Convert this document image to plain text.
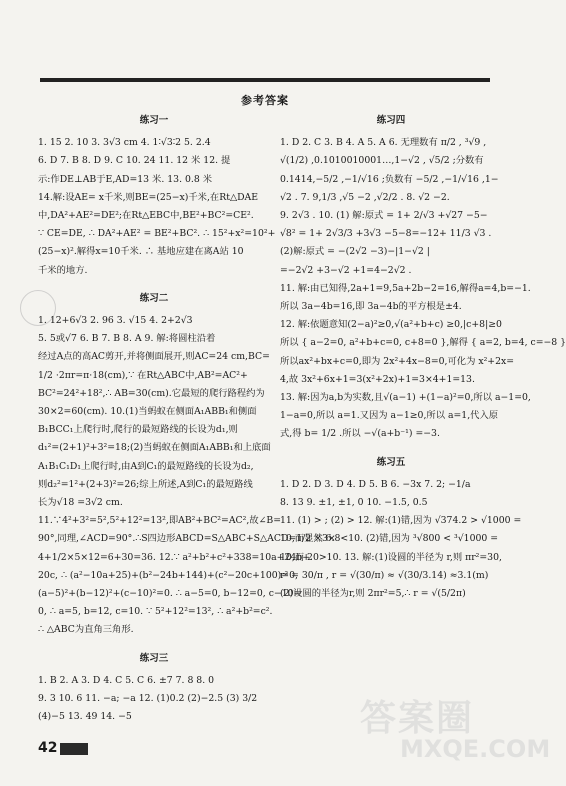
参考答案
练习一
1. 15 2. 10 3. 3√3 cm 4. 1∶√3∶2 5. 2.4
6. D 7. B 8. D 9. C 10. 24 11. 12 米 12. 提
示:作DE⊥AB于E,AD=13 米. 13. 0.8 米
14.解:设AE= x千米,则BE=(25−x)千米,在Rt△DAE
中,DA²+AE²=DE²;在Rt△EBC中,BE²+BC²=CE².
∵ CE=DE, ∴ DA²+AE² = BE²+BC². ∴ 15²+x²=10²+
(25−x)².解得x=10千米. ∴ 基地应建在离A站 10
千米的地方.
练习二
1. 12+6√3 2. 96 3. √15 4. 2+2√3
5. 5或√7 6. B 7. B 8. A 9. 解:将圆柱沿着
经过A点的高AC剪开,并将侧面展开,则AC=24 cm,BC=
1/2 ·2πr=π·18(cm),∵ 在Rt△ABC中,AB²=AC²+
BC²=24²+18²,∴ AB=30(cm).它最短的爬行路程约为
30×2=60(cm). 10.(1)当蚂蚁在侧面A₁ABB₁和侧面
B₁BCC₁上爬行时,爬行的最短路线的长设为d₁,则
d₁²=(2+1)²+3²=18;(2)当蚂蚁在侧面A₁ABB₁和上底面
A₁B₁C₁D₁上爬行时,由A到C₁的最短路线的长设为d₂,
则d₂²=1²+(2+3)²=26;综上所述,A到C₁的最短路线
长为√18 =3√2 cm.
11.∵4²+3²=5²,5²+12²=13²,即AB²+BC²=AC²,故∠B=
90°,同理,∠ACD=90°.∴S四边形ABCD=S△ABC+S△ACD=1/2 ×3×
4+1/2×5×12=6+30=36. 12.∵ a²+b²+c²+338=10a+24b+
20c, ∴ (a²−10a+25)+(b²−24b+144)+(c²−20c+100)=0,
(a−5)²+(b−12)²+(c−10)²=0. ∴ a−5=0, b−12=0, c−10=
0, ∴ a=5, b=12, c=10. ∵ 5²+12²=13², ∴ a²+b²=c².
∴ △ABC为直角三角形.
练习三
1. B 2. A 3. D 4. C 5. C 6. ±7 7. 8 8. 0
9. 3 10. 6 11. −a; −a 12. (1)0.2 (2)−2.5 (3) 3/2
(4)−5 13. 49 14. −5
练习四
1. D 2. C 3. B 4. A 5. A 6. 无理数有 π/2 , ³√9 ,
√(1/2) ,0.1010010001…,1−√2 , √5/2 ;分数有
0.1414,−5/2 ,−1/√16 ;负数有 −5/2 ,−1/√16 ,1−
√2 . 7. 9,1/3 ,√5 −2 ,√2/2 . 8. √2 −2.
9. 2√3 . 10. (1) 解:原式 = 1+ 2/√3 +√27 −5−
√8² = 1+ 2√3/3 +3√3 −5−8=−12+ 11/3 √3 .
(2)解:原式 = −(2√2 −3)−|1−√2 |
=−2√2 +3−√2 +1=4−2√2 .
11. 解:由已知得,2a+1=9,5a+2b−2=16,解得a=4,b=−1.
所以 3a−4b=16,即 3a−4b的平方根是±4.
12. 解:依题意知(2−a)²≥0,√(a²+b+c) ≥0,|c+8|≥0
所以 { a−2=0, a²+b+c=0, c+8=0 },解得 { a=2, b=4, c=−8 }
所以ax²+bx+c=0,即为 2x²+4x−8=0,可化为 x²+2x=
4,故 3x²+6x+1=3(x²+2x)+1=3×4+1=13.
13. 解:因为a,b为实数,且√(a−1) +(1−a)²=0,所以 a−1=0,
1−a=0,所以 a=1.又因为 a−1≥0,所以 a=1,代入原
式,得 b= 1/2 .所以 −√(a+b⁻¹) =−3.
练习五
1. D 2. D 3. D 4. D 5. B 6. −3x 7. 2; −1/a
8. 13 9. ±1, ±1, 0 10. −1.5, 0.5
11. (1) > ; (2) > 12. 解:(1)错,因为 √374.2 > √1000 =
10,而显然 6.8<10. (2)错,因为 ³√800 < ³√1000 =
10,而 20>10. 13. 解:(1)设圆的半径为 r,则 πr²=30,
r² = 30/π , r = √(30/π) ≈ √(30/3.14) ≈3.1(m)
(2)设圆的半径为r,则 2πr²=5,∴ r = √(5/2π)
42
答案圈
MXQE.COM
